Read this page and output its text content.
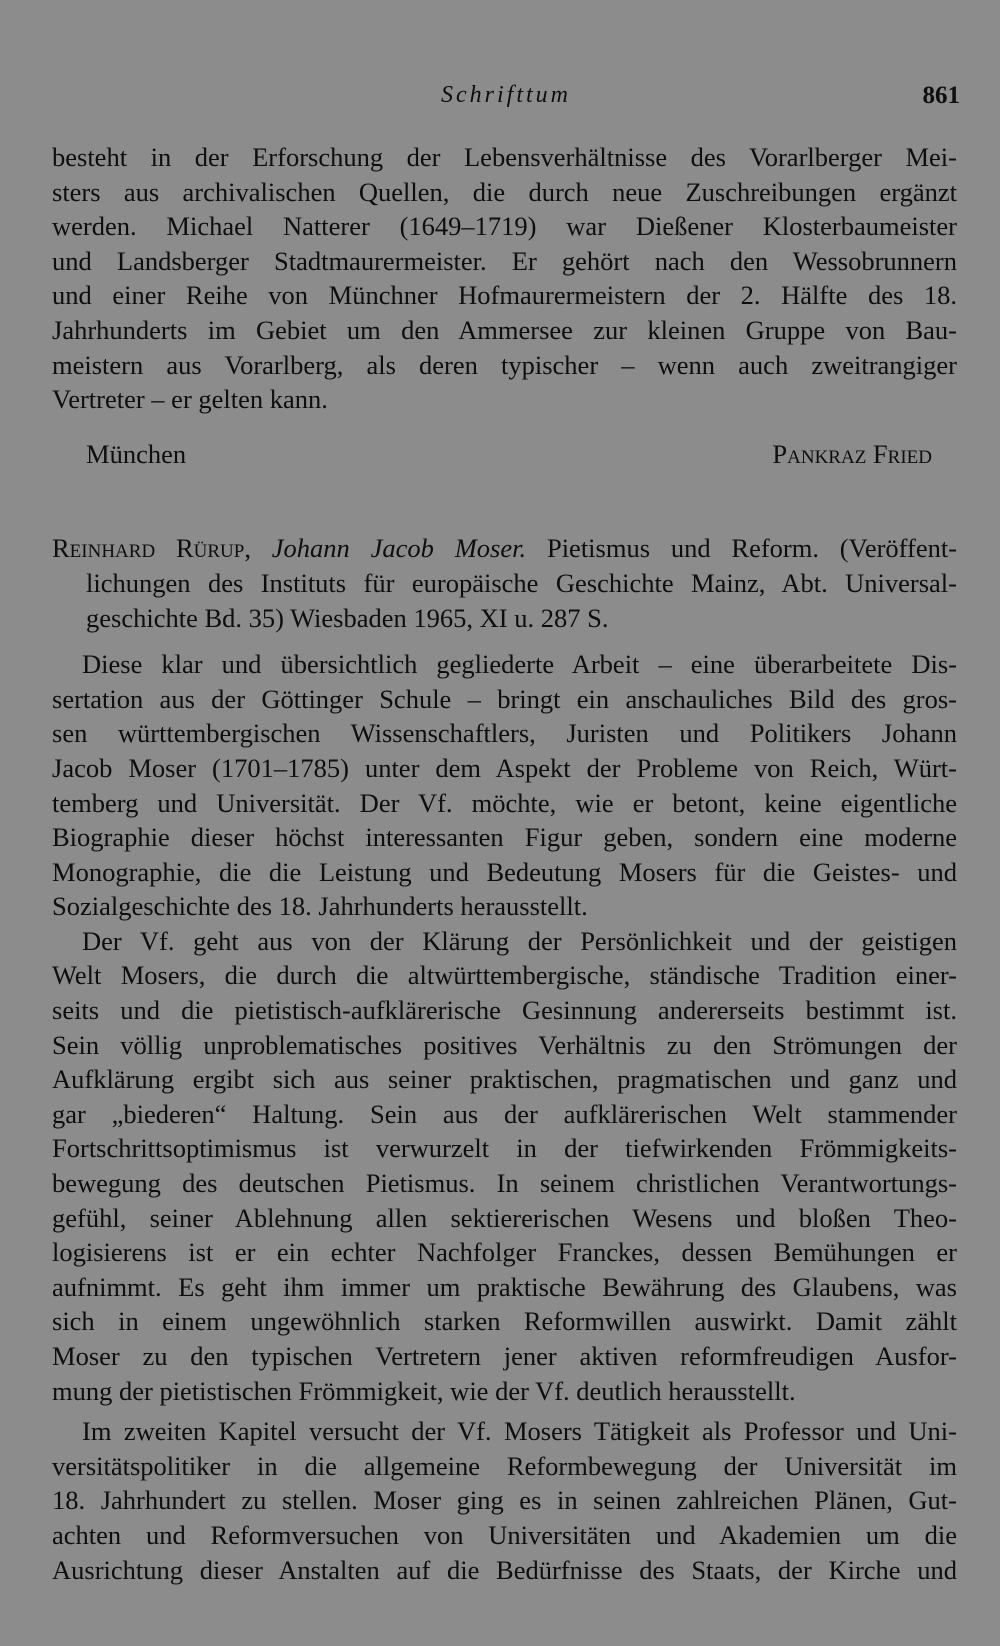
Schrifttum	861

besteht in der Erforschung der Lebensverhältnisse des Vorarlberger Mei-
sters aus archivalischen Quellen, die durch neue Zuschreibungen ergänzt
werden. Michael Natterer (1649–1719) war Dießener Klosterbaumeister
und Landsberger Stadtmaurermeister. Er gehört nach den Wessobrunnern
und einer Reihe von Münchner Hofmaurermeistern der 2. Hälfte des 18.
Jahrhunderts im Gebiet um den Ammersee zur kleinen Gruppe von Bau-
meistern aus Vorarlberg, als deren typischer – wenn auch zweitrangiger
Vertreter – er gelten kann.

München	Pankraz Fried
Reinhard Rürup, Johann Jacob Moser. Pietismus und Reform. (Veröffent-
lichungen des Instituts für europäische Geschichte Mainz, Abt. Universal-
geschichte Bd. 35) Wiesbaden 1965, XI u. 287 S.

Diese klar und übersichtlich gegliederte Arbeit – eine überarbeitete Dis-
sertation aus der Göttinger Schule – bringt ein anschauliches Bild des gros-
sen württembergischen Wissenschaftlers, Juristen und Politikers Johann
Jacob Moser (1701–1785) unter dem Aspekt der Probleme von Reich, Würt-
temberg und Universität. Der Vf. möchte, wie er betont, keine eigentliche
Biographie dieser höchst interessanten Figur geben, sondern eine moderne
Monographie, die die Leistung und Bedeutung Mosers für die Geistes- und
Sozialgeschichte des 18. Jahrhunderts herausstellt.

Der Vf. geht aus von der Klärung der Persönlichkeit und der geistigen
Welt Mosers, die durch die altwürttembergische, ständische Tradition einer-
seits und die pietistisch-aufklärerische Gesinnung andererseits bestimmt ist.
Sein völlig unproblematisches positives Verhältnis zu den Strömungen der
Aufklärung ergibt sich aus seiner praktischen, pragmatischen und ganz und
gar „biederen“ Haltung. Sein aus der aufklärerischen Welt stammender
Fortschrittsoptimismus ist verwurzelt in der tiefwirkenden Frömmigkeits-
bewegung des deutschen Pietismus. In seinem christlichen Verantwortungs-
gefühl, seiner Ablehnung allen sektiererischen Wesens und bloßen Theo-
logisierens ist er ein echter Nachfolger Franckes, dessen Bemühungen er
aufnimmt. Es geht ihm immer um praktische Bewährung des Glaubens, was
sich in einem ungewöhnlich starken Reformwillen auswirkt. Damit zählt
Moser zu den typischen Vertretern jener aktiven reformfreudigen Ausfor-
mung der pietistischen Frömmigkeit, wie der Vf. deutlich herausstellt.

Im zweiten Kapitel versucht der Vf. Mosers Tätigkeit als Professor und Uni-
versitätspolitiker in die allgemeine Reformbewegung der Universität im
18. Jahrhundert zu stellen. Moser ging es in seinen zahlreichen Plänen, Gut-
achten und Reformversuchen von Universitäten und Akademien um die
Ausrichtung dieser Anstalten auf die Bedürfnisse des Staats, der Kirche und
